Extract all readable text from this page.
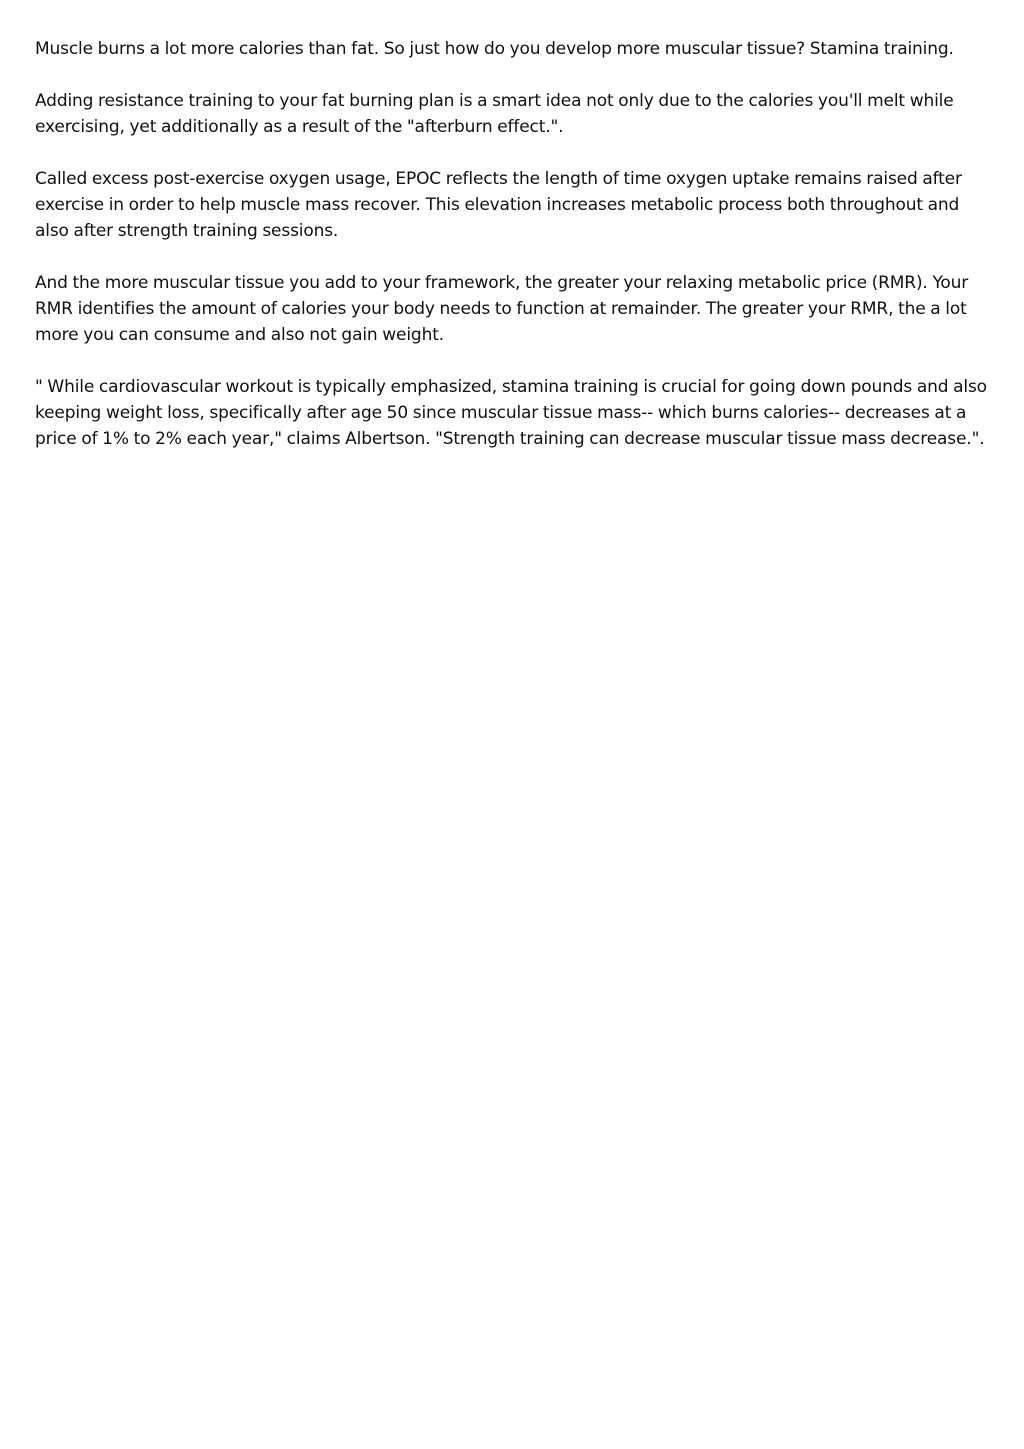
Muscle burns a lot more calories than fat. So just how do you develop more muscular tissue? Stamina training.

Adding resistance training to your fat burning plan is a smart idea not only due to the calories you'll melt while exercising, yet additionally as a result of the "afterburn effect.".

Called excess post-exercise oxygen usage, EPOC reflects the length of time oxygen uptake remains raised after exercise in order to help muscle mass recover. This elevation increases metabolic process both throughout and also after strength training sessions.

And the more muscular tissue you add to your framework, the greater your relaxing metabolic price (RMR). Your RMR identifies the amount of calories your body needs to function at remainder. The greater your RMR, the a lot more you can consume and also not gain weight.

" While cardiovascular workout is typically emphasized, stamina training is crucial for going down pounds and also keeping weight loss, specifically after age 50 since muscular tissue mass-- which burns calories-- decreases at a price of 1% to 2% each year," claims Albertson. "Strength training can decrease muscular tissue mass decrease.".
